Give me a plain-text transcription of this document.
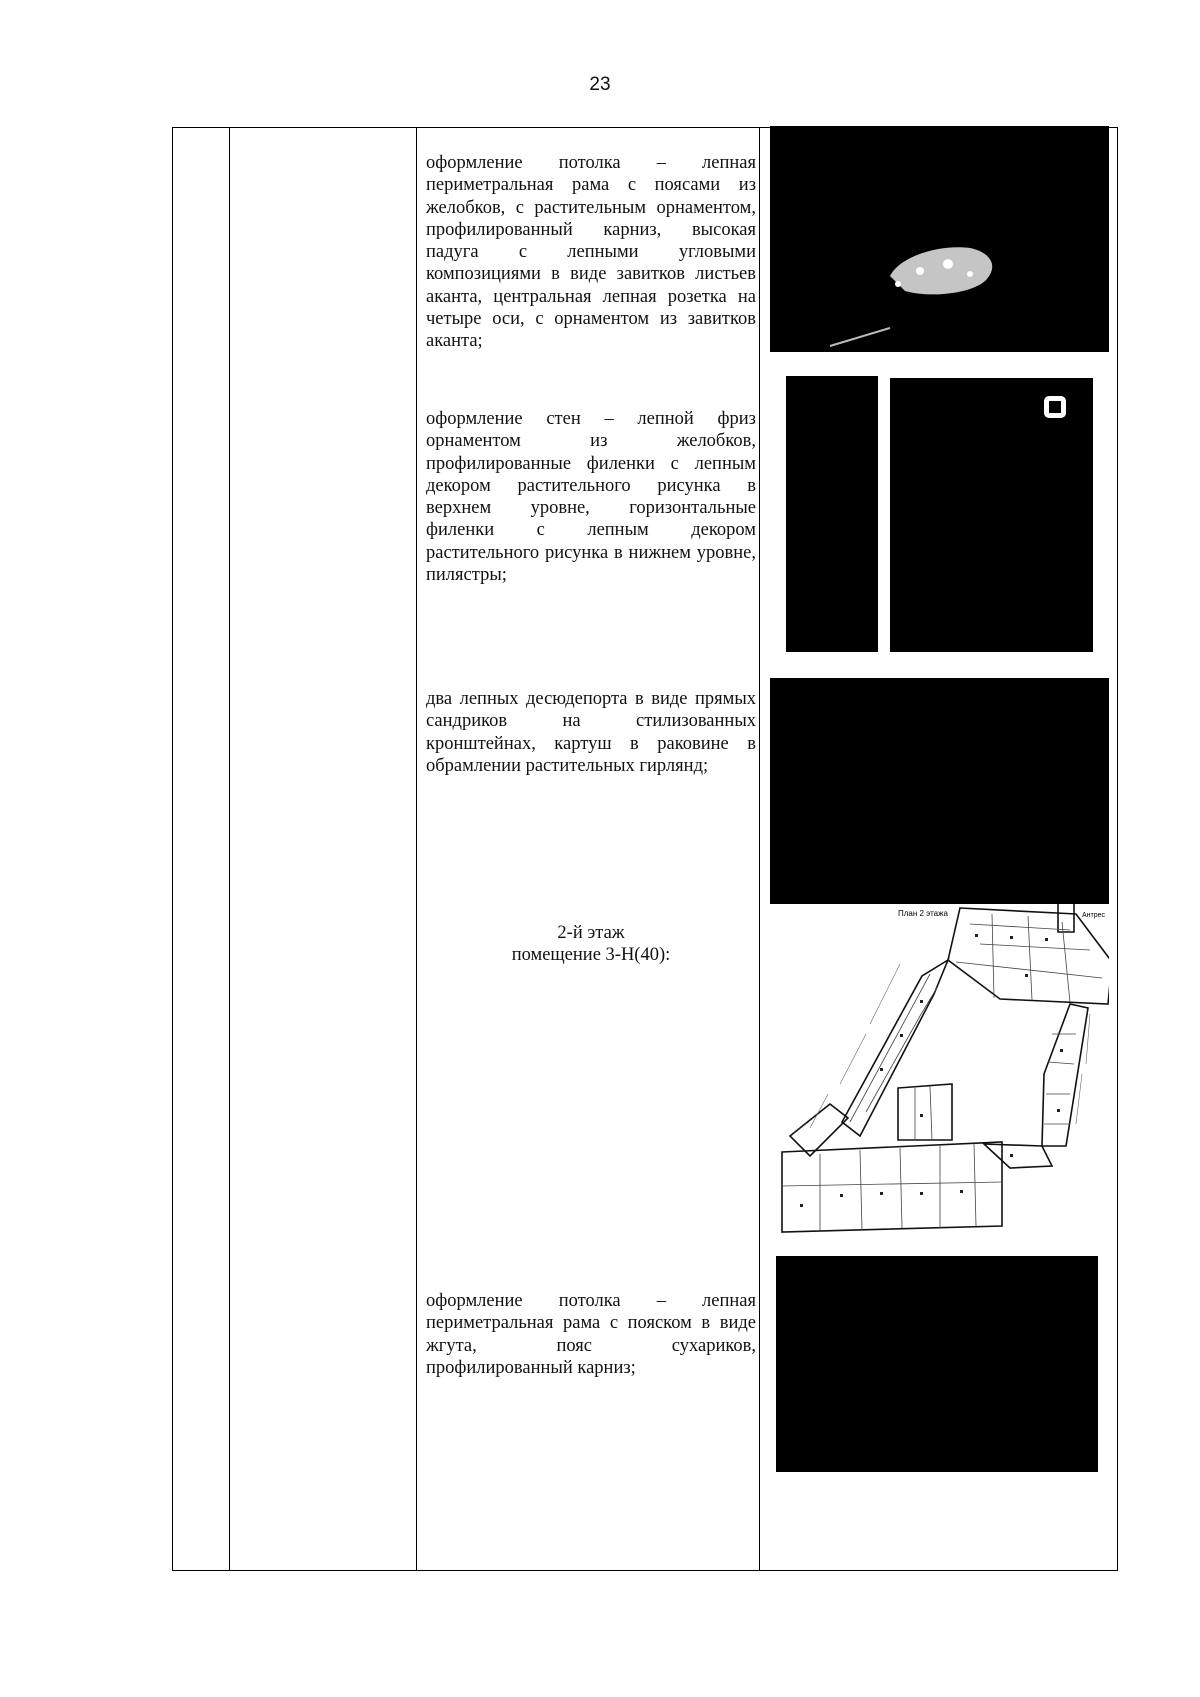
23
оформление потолка – лепная периметральная рама с поясами из желобков, с растительным орнаментом, профилированный карниз, высокая падуга с лепными угловыми композициями в виде завитков листьев аканта, центральная лепная розетка на четыре оси, с орнаментом из завитков аканта;
оформление стен – лепной фриз орнаментом из желобков, профилированные филенки с лепным декором растительного рисунка в верхнем уровне, горизонтальные филенки с лепным декором растительного рисунка в нижнем уровне, пилястры;
два лепных десюдепорта в виде прямых сандриков на стилизованных кронштейнах, картуш в раковине в обрамлении растительных гирлянд;
2-й этаж
помещение 3-Н(40):
оформление потолка – лепная периметральная рама с пояском в виде жгута, пояс сухариков, профилированный карниз;
План 2 этажа	Антрес
